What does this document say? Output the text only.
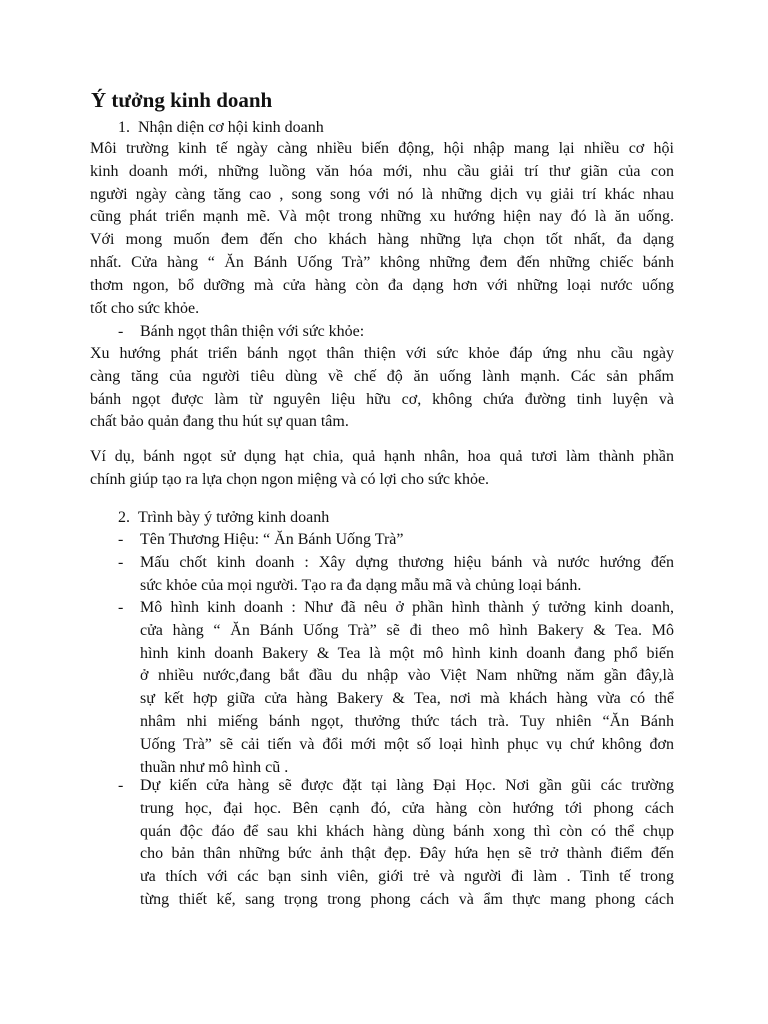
Ý tưởng kinh doanh
1. Nhận diện cơ hội kinh doanh
Môi trường kinh tế ngày càng nhiều biến động, hội nhập mang lại nhiều cơ hội
kinh doanh mới, những luồng văn hóa mới, nhu cầu giải trí thư giãn của con
người ngày càng tăng cao , song song với nó là những dịch vụ giải trí khác nhau
cũng phát triển mạnh mẽ. Và một trong những xu hướng hiện nay đó là ăn uống.
Với mong muốn đem đến cho khách hàng những lựa chọn tốt nhất, đa dạng
nhất. Cửa hàng “ Ăn Bánh Uống Trà” không những đem đến những chiếc bánh
thơm ngon, bổ dưỡng mà cửa hàng còn đa dạng hơn với những loại nước uống
tốt cho sức khỏe.
-	Bánh ngọt thân thiện với sức khỏe:
Xu hướng phát triển bánh ngọt thân thiện với sức khỏe đáp ứng nhu cầu ngày
càng tăng của người tiêu dùng về chế độ ăn uống lành mạnh. Các sản phẩm
bánh ngọt được làm từ nguyên liệu hữu cơ, không chứa đường tinh luyện và
chất bảo quản đang thu hút sự quan tâm.
Ví dụ, bánh ngọt sử dụng hạt chia, quả hạnh nhân, hoa quả tươi làm thành phần
chính giúp tạo ra lựa chọn ngon miệng và có lợi cho sức khỏe.
2. Trình bày ý tưởng kinh doanh
-	Tên Thương Hiệu: “ Ăn Bánh Uống Trà”
-	Mấu chốt kinh doanh : Xây dựng thương hiệu bánh và nước hướng đến
sức khỏe của mọi người. Tạo ra đa dạng mẫu mã và chủng loại bánh.
-	Mô hình kinh doanh : Như đã nêu ở phần hình thành ý tưởng kinh doanh,
cửa hàng “ Ăn Bánh Uống Trà” sẽ đi theo mô hình Bakery & Tea. Mô
hình kinh doanh Bakery & Tea là một mô hình kinh doanh đang phổ biến
ở nhiều nước,đang bắt đầu du nhập vào Việt Nam những năm gần đây,là
sự kết hợp giữa cửa hàng Bakery & Tea, nơi mà khách hàng vừa có thể
nhâm nhi miếng bánh ngọt, thưởng thức tách trà. Tuy nhiên “Ăn Bánh
Uống Trà” sẽ cải tiến và đổi mới một số loại hình phục vụ chứ không đơn
thuần như mô hình cũ .
-	Dự kiến cửa hàng sẽ được đặt tại làng Đại Học. Nơi gần gũi các trường
trung học, đại học. Bên cạnh đó, cửa hàng còn hướng tới phong cách
quán độc đáo để sau khi khách hàng dùng bánh xong thì còn có thể chụp
cho bản thân những bức ảnh thật đẹp. Đây hứa hẹn sẽ trở thành điểm đến
ưa thích với các bạn sinh viên, giới trẻ và người đi làm . Tinh tế trong
từng thiết kế, sang trọng trong phong cách và ẩm thực mang phong cách
